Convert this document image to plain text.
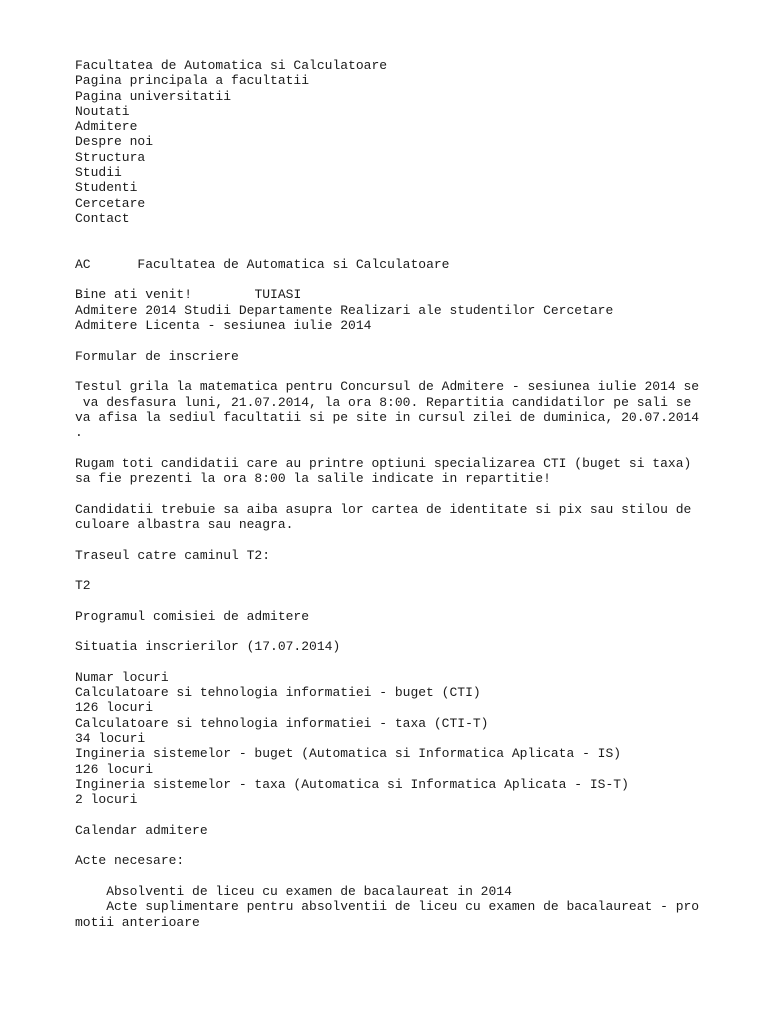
Facultatea de Automatica si Calculatoare
Pagina principala a facultatii
Pagina universitatii
Noutati
Admitere
Despre noi
Structura
Studii
Studenti
Cercetare
Contact
AC	Facultatea de Automatica si Calculatoare
Bine ati venit!	TUIASI
Admitere 2014 Studii Departamente Realizari ale studentilor Cercetare
Admitere Licenta - sesiunea iulie 2014
Formular de inscriere
Testul grila la matematica pentru Concursul de Admitere - sesiunea iulie 2014 se
va desfasura luni, 21.07.2014, la ora 8:00. Repartitia candidatilor pe sali se
va afisa la sediul facultatii si pe site in cursul zilei de duminica, 20.07.2014
.
Rugam toti candidatii care au printre optiuni specializarea CTI (buget si taxa)
sa fie prezenti la ora 8:00 la salile indicate in repartitie!
Candidatii trebuie sa aiba asupra lor cartea de identitate si pix sau stilou de
culoare albastra sau neagra.
Traseul catre caminul T2:
T2
Programul comisiei de admitere
Situatia inscrierilor (17.07.2014)
Numar locuri
Calculatoare si tehnologia informatiei - buget (CTI)
126 locuri
Calculatoare si tehnologia informatiei - taxa (CTI-T)
34 locuri
Ingineria sistemelor - buget (Automatica si Informatica Aplicata - IS)
126 locuri
Ingineria sistemelor - taxa (Automatica si Informatica Aplicata - IS-T)
2 locuri
Calendar admitere
Acte necesare:
Absolventi de liceu cu examen de bacalaureat in 2014
Acte suplimentare pentru absolventii de liceu cu examen de bacalaureat - pro
motii anterioare
